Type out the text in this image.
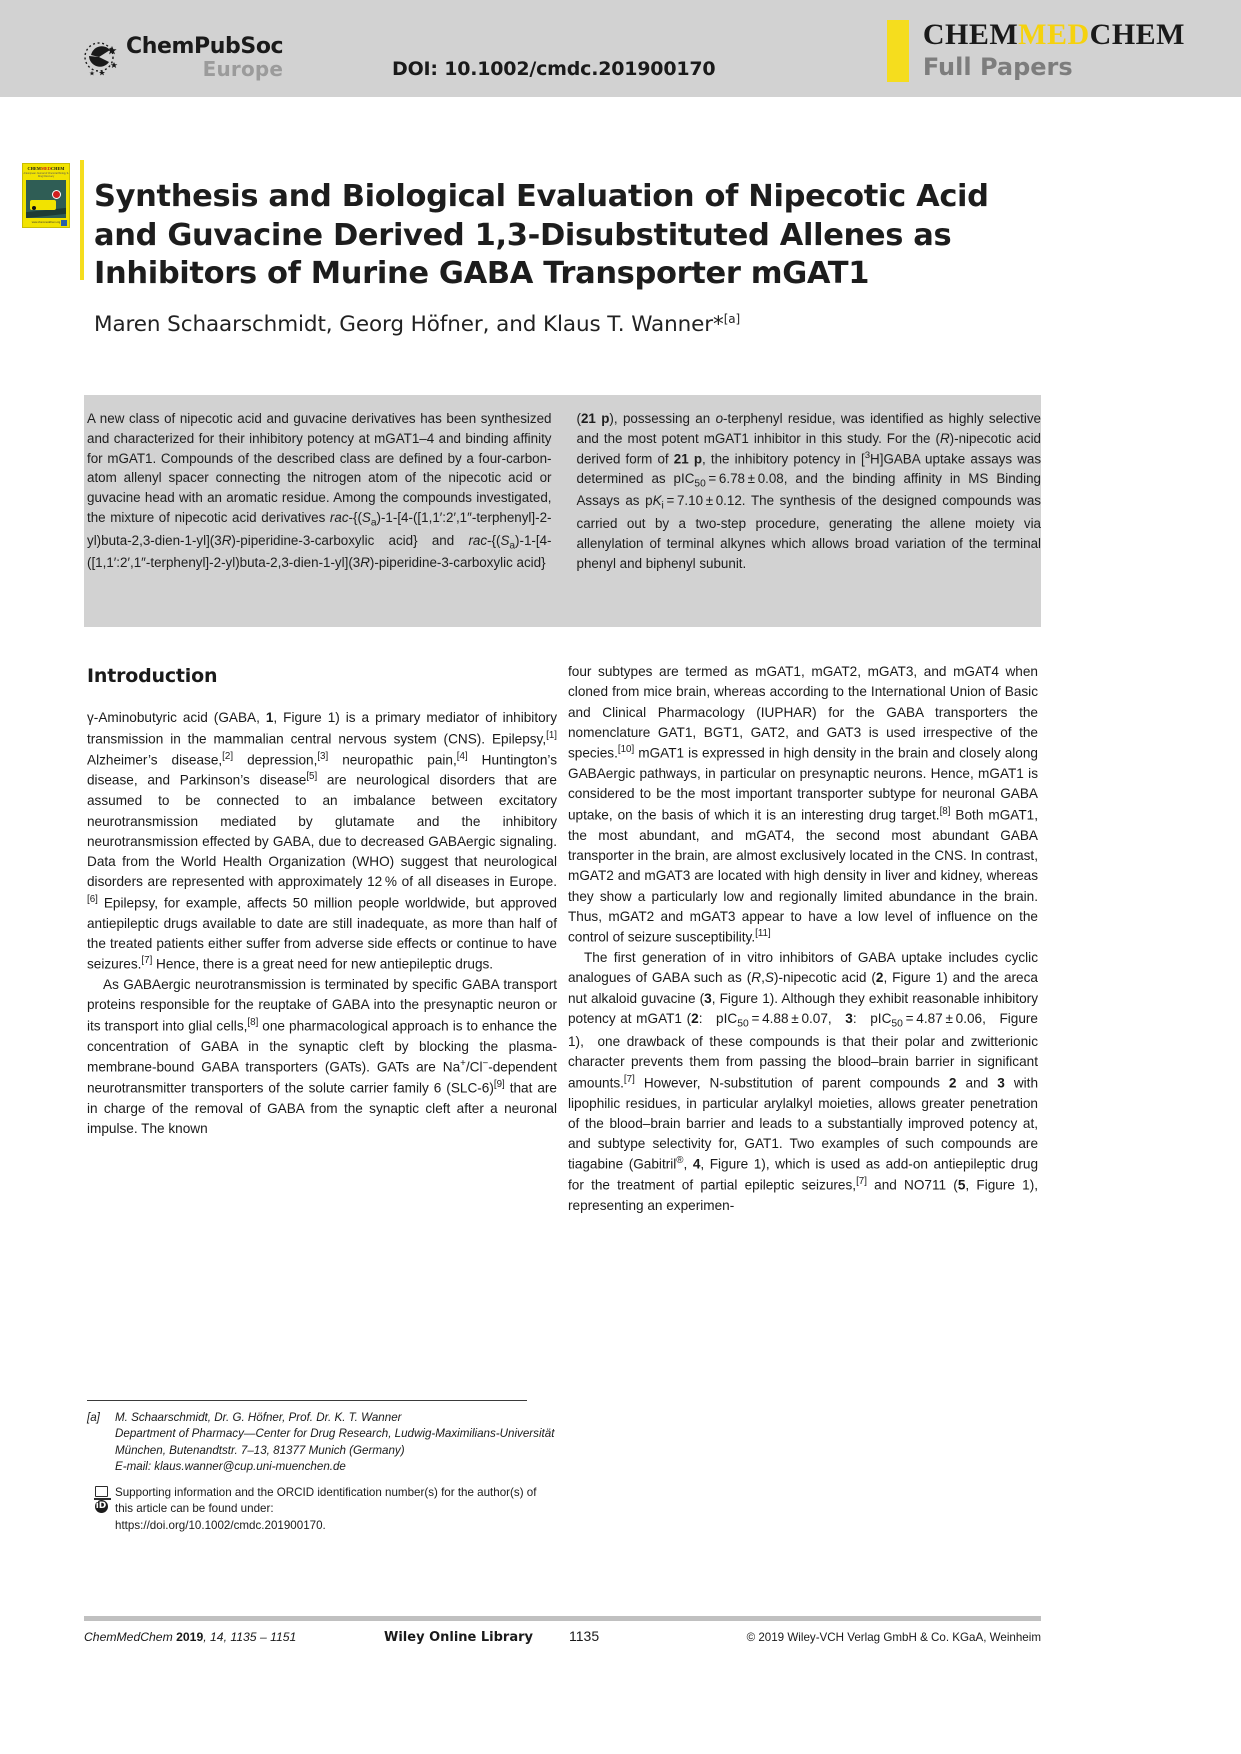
ChemPubSoc
Europe	DOI: 10.1002/cmdc.201900170
CHEMMEDCHEM
Full Papers
CHEMMEDCHEM
A European Journal of Chemical Biology & Drug Discovery
www.chemmedchem.org
Synthesis and Biological Evaluation of Nipecotic Acid and Guvacine Derived 1,3-Disubstituted Allenes as Inhibitors of Murine GABA Transporter mGAT1
Maren Schaarschmidt, Georg Höfner, and Klaus T. Wanner*[a]
A new class of nipecotic acid and guvacine derivatives has been synthesized and characterized for their inhibitory potency at mGAT1–4 and binding affinity for mGAT1. Compounds of the described class are defined by a four-carbon-atom allenyl spacer connecting the nitrogen atom of the nipecotic acid or guvacine head with an aromatic residue. Among the compounds investigated, the mixture of nipecotic acid derivatives rac-{$(S_a)-1-[4-([1,1':2',1''-terphenyl]-2-yl)buta-2,3-dien-1-yl](3R)-piperidine-3$-carboxylic acid} and rac-{$(S_a)-1-[4-([1,1':2',1''-terphenyl]-2-yl)buta-2,3-dien-1-yl](3R)-piperidine-3$-carboxylic acid}
(21 p), possessing an o-terphenyl residue, was identified as highly selective and the most potent mGAT1 inhibitor in this study. For the (R)-nipecotic acid derived form of 21 p, the inhibitory potency in [$^3$H]GABA uptake assays was determined as pIC$_{50}$ = 6.78 ± 0.08, and the binding affinity in MS Binding Assays as $pK_i = 7.10 \pm 0.12$. The synthesis of the designed compounds was carried out by a two-step procedure, generating the allene moiety via allenylation of terminal alkynes which allows broad variation of the terminal phenyl and biphenyl subunit.
Introduction

γ-Aminobutyric acid (GABA, 1, Figure 1) is a primary mediator of inhibitory transmission in the mammalian central nervous system (CNS). Epilepsy,[1] Alzheimer’s disease,[2] depression,[3] neuropathic pain,[4] Huntington’s disease, and Parkinson’s disease[5] are neurological disorders that are assumed to be connected to an imbalance between excitatory neurotransmission mediated by glutamate and the inhibitory neurotransmission effected by GABA, due to decreased GABAergic signaling. Data from the World Health Organization (WHO) suggest that neurological disorders are represented with approximately 12 % of all diseases in Europe.[6] Epilepsy, for example, affects 50 million people worldwide, but approved antiepileptic drugs available to date are still inadequate, as more than half of the treated patients either suffer from adverse side effects or continue to have seizures.[7] Hence, there is a great need for new antiepileptic drugs.

As GABAergic neurotransmission is terminated by specific GABA transport proteins responsible for the reuptake of GABA into the presynaptic neuron or its transport into glial cells,[8] one pharmacological approach is to enhance the concentration of GABA in the synaptic cleft by blocking the plasma-membrane-bound GABA transporters (GATs). GATs are Na+/Cl−-dependent neurotransmitter transporters of the solute carrier family 6 (SLC-6)[9] that are in charge of the removal of GABA from the synaptic cleft after a neuronal impulse. The known

four subtypes are termed as mGAT1, mGAT2, mGAT3, and mGAT4 when cloned from mice brain, whereas according to the International Union of Basic and Clinical Pharmacology (IUPHAR) for the GABA transporters the nomenclature GAT1, BGT1, GAT2, and GAT3 is used irrespective of the species.[10] mGAT1 is expressed in high density in the brain and closely along GABAergic pathways, in particular on presynaptic neurons. Hence, mGAT1 is considered to be the most important transporter subtype for neuronal GABA uptake, on the basis of which it is an interesting drug target.[8] Both mGAT1, the most abundant, and mGAT4, the second most abundant GABA transporter in the brain, are almost exclusively located in the CNS. In contrast, mGAT2 and mGAT3 are located with high density in liver and kidney, whereas they show a particularly low and regionally limited abundance in the brain. Thus, mGAT2 and mGAT3 appear to have a low level of influence on the control of seizure susceptibility.[11]

The first generation of in vitro inhibitors of GABA uptake includes cyclic analogues of GABA such as (R,S)-nipecotic acid (2, Figure 1) and the areca nut alkaloid guvacine (3, Figure 1). Although they exhibit reasonable inhibitory potency at mGAT1 (2: pIC$_{50}$ = 4.88 ± 0.07, 3: pIC$_{50}$ = 4.87 ± 0.06, Figure 1), one drawback of these compounds is that their polar and zwitterionic character prevents them from passing the blood–brain barrier in significant amounts.[7] However, N-substitution of parent compounds 2 and 3 with lipophilic residues, in particular arylalkyl moieties, allows greater penetration of the blood–brain barrier and leads to a substantially improved potency at, and subtype selectivity for, GAT1. Two examples of such compounds are tiagabine (Gabitril®, 4, Figure 1), which is used as add-on antiepileptic drug for the treatment of partial epileptic seizures,[7] and NO711 (5, Figure 1), representing an experimen-

[a]	M. Schaarschmidt, Dr. G. Höfner, Prof. Dr. K. T. Wanner
Department of Pharmacy—Center for Drug Research, Ludwig-Maximilians-Universität München, Butenandtstr. 7–13, 81377 Munich (Germany)
E-mail: klaus.wanner@cup.uni-muenchen.de
iD
Supporting information and the ORCID identification number(s) for the author(s) of this article can be found under:
https://doi.org/10.1002/cmdc.201900170.
ChemMedChem 2019, 14, 1135 – 1151	Wiley Online Library	1135	© 2019 Wiley-VCH Verlag GmbH & Co. KGaA, Weinheim
